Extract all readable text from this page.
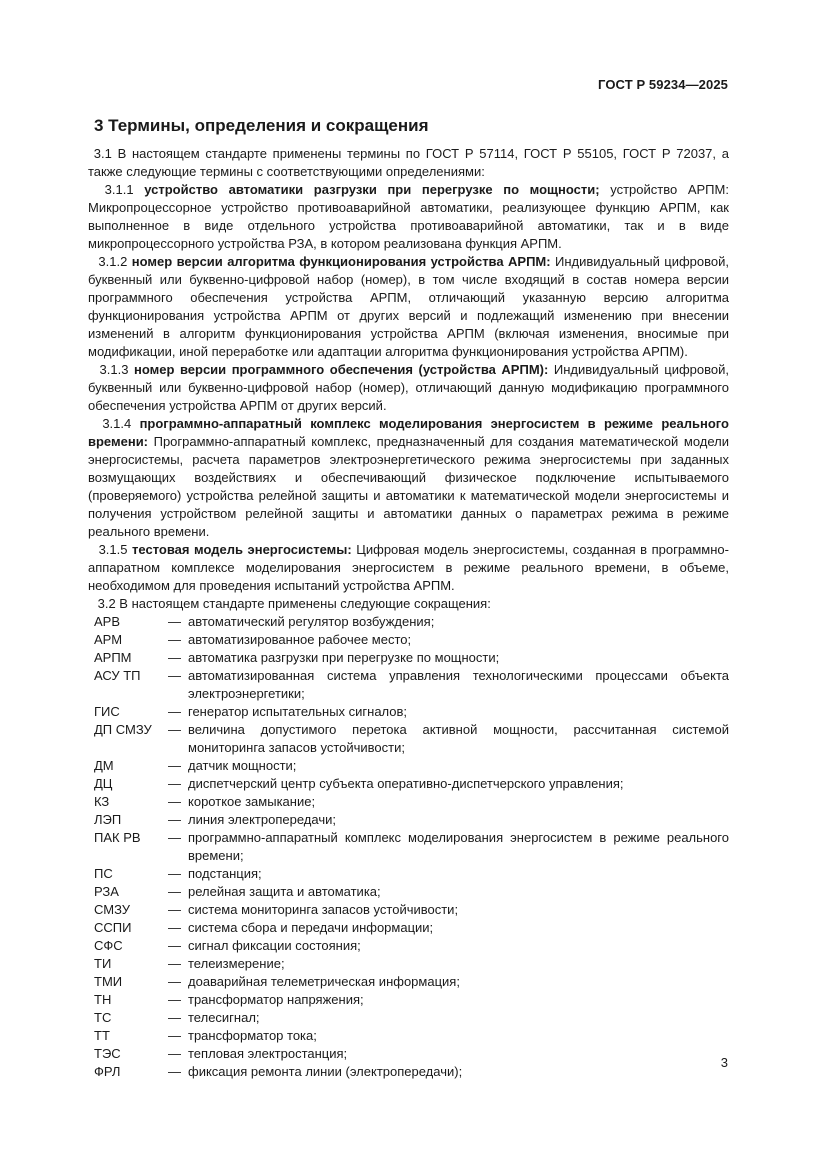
ГОСТ Р 59234—2025
3 Термины, определения и сокращения

3.1 В настоящем стандарте применены термины по ГОСТ Р 57114, ГОСТ Р 55105, ГОСТ Р 72037, а также следующие термины с соответствующими определениями:

3.1.1 устройство автоматики разгрузки при перегрузке по мощности; устройство АРПМ: Микропроцессорное устройство противоаварийной автоматики, реализующее функцию АРПМ, как выполненное в виде отдельного устройства противоаварийной автоматики, так и в виде микропроцессорного устройства РЗА, в котором реализована функция АРПМ.

3.1.2 номер версии алгоритма функционирования устройства АРПМ: Индивидуальный цифровой, буквенный или буквенно-цифровой набор (номер), в том числе входящий в состав номера версии программного обеспечения устройства АРПМ, отличающий указанную версию алгоритма функционирования устройства АРПМ от других версий и подлежащий изменению при внесении изменений в алгоритм функционирования устройства АРПМ (включая изменения, вносимые при модификации, иной переработке или адаптации алгоритма функционирования устройства АРПМ).

3.1.3 номер версии программного обеспечения (устройства АРПМ): Индивидуальный цифровой, буквенный или буквенно-цифровой набор (номер), отличающий данную модификацию программного обеспечения устройства АРПМ от других версий.

3.1.4 программно-аппаратный комплекс моделирования энергосистем в режиме реального времени: Программно-аппаратный комплекс, предназначенный для создания математической модели энергосистемы, расчета параметров электроэнергетического режима энергосистемы при заданных возмущающих воздействиях и обеспечивающий физическое подключение испытываемого (проверяемого) устройства релейной защиты и автоматики к математической модели энергосистемы и получения устройством релейной защиты и автоматики данных о параметрах режима в режиме реального времени.

3.1.5 тестовая модель энергосистемы: Цифровая модель энергосистемы, созданная в программно-аппаратном комплексе моделирования энергосистем в режиме реального времени, в объеме, необходимом для проведения испытаний устройства АРПМ.

3.2 В настоящем стандарте применены следующие сокращения:

АРВ	— автоматический регулятор возбуждения;
АРМ	— автоматизированное рабочее место;
АРПМ	— автоматика разгрузки при перегрузке по мощности;
АСУ ТП	— автоматизированная система управления технологическими процессами объекта электроэнергетики;
ГИС	— генератор испытательных сигналов;
ДП СМЗУ	— величина допустимого перетока активной мощности, рассчитанная системой мониторинга запасов устойчивости;
ДМ	— датчик мощности;
ДЦ	— диспетчерский центр субъекта оперативно-диспетчерского управления;
КЗ	— короткое замыкание;
ЛЭП	— линия электропередачи;
ПАК РВ	— программно-аппаратный комплекс моделирования энергосистем в режиме реального времени;
ПС	— подстанция;
РЗА	— релейная защита и автоматика;
СМЗУ	— система мониторинга запасов устойчивости;
ССПИ	— система сбора и передачи информации;
СФС	— сигнал фиксации состояния;
ТИ	— телеизмерение;
ТМИ	— доаварийная телеметрическая информация;
ТН	— трансформатор напряжения;
ТС	— телесигнал;
ТТ	— трансформатор тока;
ТЭС	— тепловая электростанция;
ФРЛ	— фиксация ремонта линии (электропередачи);
3
